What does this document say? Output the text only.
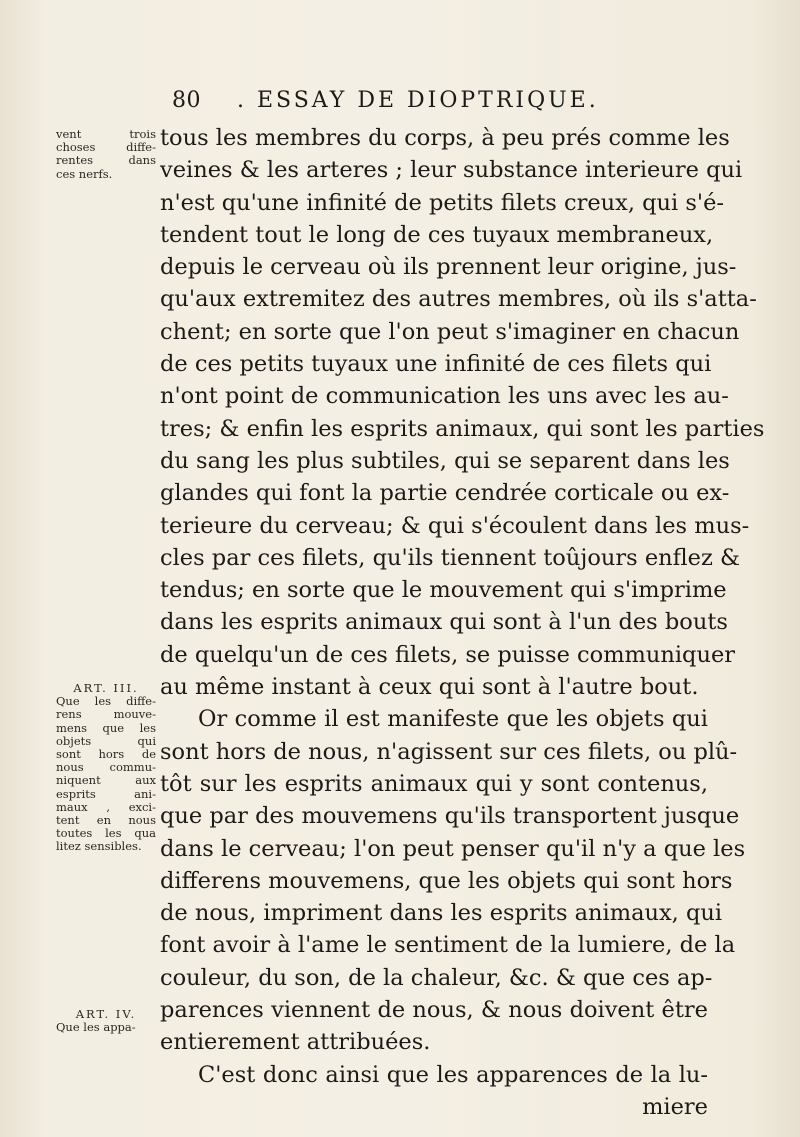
80 . ESSAY DE DIOPTRIQUE.
vent trois
choses diffe-
rentes dans
ces nerfs.
ART. III.
Que les diffe-
rens mouve-
mens que les
objets qui
sont hors de
nous commu-
niquent aux
esprits ani-
maux , exci-
tent en nous
toutes les qua
litez sensibles.
ART. IV.
Que les appa-
tous les membres du corps, à peu prés comme les
veines & les arteres ; leur substance interieure qui
n'est qu'une infinité de petits filets creux, qui s'é-
tendent tout le long de ces tuyaux membraneux,
depuis le cerveau où ils prennent leur origine, jus-
qu'aux extremitez des autres membres, où ils s'atta-
chent; en sorte que l'on peut s'imaginer en chacun
de ces petits tuyaux une infinité de ces filets qui
n'ont point de communication les uns avec les au-
tres; & enfin les esprits animaux, qui sont les parties
du sang les plus subtiles, qui se separent dans les
glandes qui font la partie cendrée corticale ou ex-
terieure du cerveau; & qui s'écoulent dans les mus-
cles par ces filets, qu'ils tiennent toûjours enflez &
tendus; en sorte que le mouvement qui s'imprime
dans les esprits animaux qui sont à l'un des bouts
de quelqu'un de ces filets, se puisse communiquer
au même instant à ceux qui sont à l'autre bout.
Or comme il est manifeste que les objets qui
sont hors de nous, n'agissent sur ces filets, ou plû-
tôt sur les esprits animaux qui y sont contenus,
que par des mouvemens qu'ils transportent jusque
dans le cerveau; l'on peut penser qu'il n'y a que les
differens mouvemens, que les objets qui sont hors
de nous, impriment dans les esprits animaux, qui
font avoir à l'ame le sentiment de la lumiere, de la
couleur, du son, de la chaleur, &c. & que ces ap-
parences viennent de nous, & nous doivent être
entierement attribuées.
C'est donc ainsi que les apparences de la lu-
miere
